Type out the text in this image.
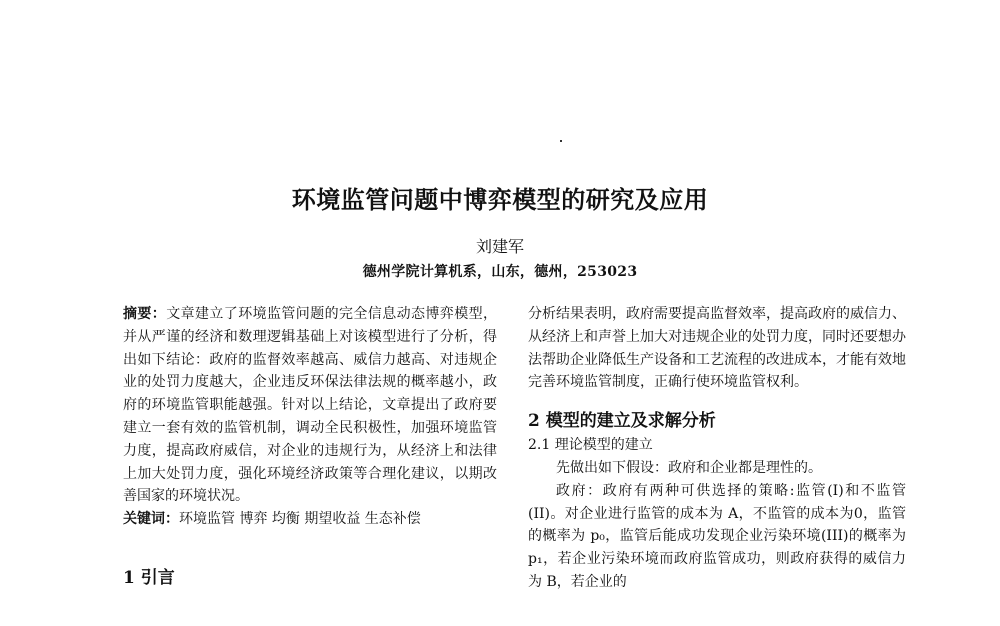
环境监管问题中博弈模型的研究及应用
刘建军
德州学院计算机系，山东，德州，253023

摘要：文章建立了环境监管问题的完全信息动态博弈模型，并从严谨的经济和数理逻辑基础上对该模型进行了分析，得出如下结论：政府的监督效率越高、威信力越高、对违规企业的处罚力度越大，企业违反环保法律法规的概率越小，政府的环境监管职能越强。针对以上结论，文章提出了政府要建立一套有效的监管机制，调动全民积极性，加强环境监管力度，提高政府威信，对企业的违规行为，从经济上和法律上加大处罚力度，强化环境经济政策等合理化建议，以期改善国家的环境状况。

关键词：环境监管 博弈 均衡 期望收益 生态补偿

1 引言

分析结果表明，政府需要提高监督效率，提高政府的威信力、从经济上和声誉上加大对违规企业的处罚力度，同时还要想办法帮助企业降低生产设备和工艺流程的改进成本，才能有效地完善环境监管制度，正确行使环境监管权利。

2 模型的建立及求解分析
2.1 理论模型的建立

先做出如下假设：政府和企业都是理性的。

政府：政府有两种可供选择的策略:监管(I)和不监管(II)。对企业进行监管的成本为 A，不监管的成本为0，监管的概率为 p₀，监管后能成功发现企业污染环境(III)的概率为 p₁，若企业污染环境而政府监管成功，则政府获得的威信力为 B，若企业的
